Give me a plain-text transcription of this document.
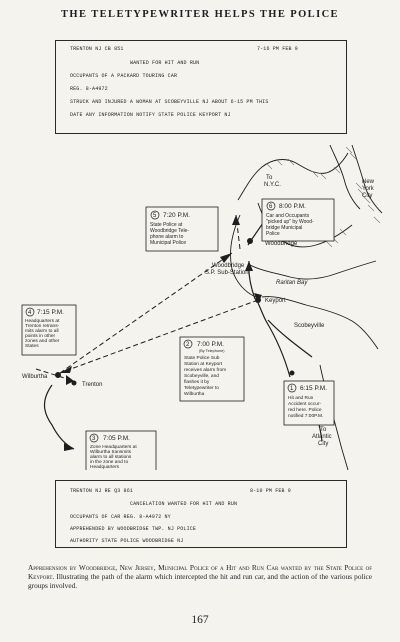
THE TELETYPEWRITER HELPS THE POLICE
TRENTON NJ CB 851	7-16 PM FEB 9
WANTED FOR HIT AND RUN
OCCUPANTS OF A PACKARD TOURING CAR
REG. 8-A4972
STRUCK AND INJURED A WOMAN AT SCOBEYVILLE NJ ABOUT 6-15 PM THIS
DATE ANY INFORMATION NOTIFY STATE POLICE KEYPORT NJ
To
N.Y.C.	New
York
City
Woodbridge
Woodbridge
S.P. Sub-Station
Raritan Bay
Keyport
Scobeyville
Wilburtha
Trenton
To
Atlantic
City
5 7:20 P.M.
State Police at
Woodbridge Tele-
phone alarm to
Municipal Police
6 8:00 P.M.
Car and Occupants
"picked up" by Wood-
bridge Municipal
Police
4 7:15 P.M.
Headquarters at
Trenton retrans-
mits alarm to all
points in other
zones and other
States	2 7:00 P.M.
(By Telephone)
State Police Sub
Station at Keyport
receives alarm from
Scobeyville, and
flashes it by
Teletypewriter to
Wilburtha
1 6:15 P.M.
Hit and Run
Accident occur-
red here. Police
notified 7:00P.M.
3 7:05 P.M.
Zone Headquarters at
Wilburtha transmits
alarm to all stations
in the zone and to
Headquarters
TRENTON NJ RE Q3 861	8-10 PM FEB 9
CANCELATION WANTED FOR HIT AND RUN
OCCUPANTS OF CAR REG. 8-A4972 NY
APPREHENDED BY WOODBRIDGE TWP. NJ POLICE
AUTHORITY STATE POLICE WOODBRIDGE NJ

Apprehension by Woodbridge, New Jersey, Municipal Police of a Hit and Run Car wanted by the State Police of Keyport. Illustrating the path of the alarm which intercepted the hit and run car, and the action of the various police groups involved.

167
